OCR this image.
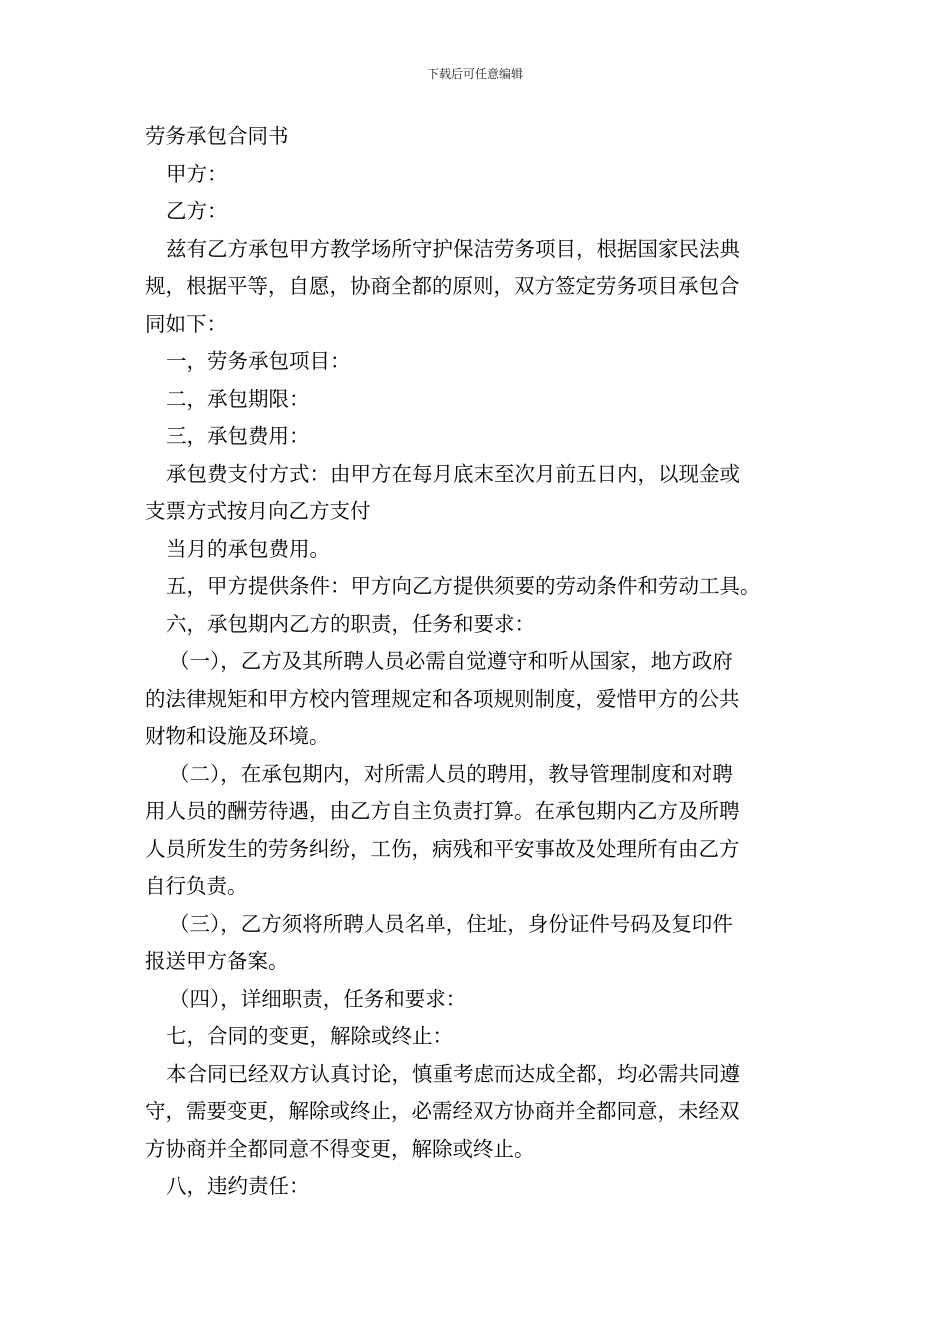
下载后可任意编辑
劳务承包合同书
甲方：
乙方：
兹有乙方承包甲方教学场所守护保洁劳务项目，根据国家民法典
规，根据平等，自愿，协商全都的原则，双方签定劳务项目承包合
同如下：
一，劳务承包项目：
二，承包期限：
三，承包费用：
承包费支付方式：由甲方在每月底末至次月前五日内，以现金或
支票方式按月向乙方支付
当月的承包费用。
五，甲方提供条件：甲方向乙方提供须要的劳动条件和劳动工具。
六，承包期内乙方的职责，任务和要求：
（一），乙方及其所聘人员必需自觉遵守和听从国家，地方政府
的法律规矩和甲方校内管理规定和各项规则制度，爱惜甲方的公共
财物和设施及环境。
（二），在承包期内，对所需人员的聘用，教导管理制度和对聘
用人员的酬劳待遇，由乙方自主负责打算。在承包期内乙方及所聘
人员所发生的劳务纠纷，工伤，病残和平安事故及处理所有由乙方
自行负责。
（三），乙方须将所聘人员名单，住址，身份证件号码及复印件
报送甲方备案。
（四），详细职责，任务和要求：
七，合同的变更，解除或终止：
本合同已经双方认真讨论，慎重考虑而达成全都，均必需共同遵
守，需要变更，解除或终止，必需经双方协商并全都同意，未经双
方协商并全都同意不得变更，解除或终止。
八，违约责任：
